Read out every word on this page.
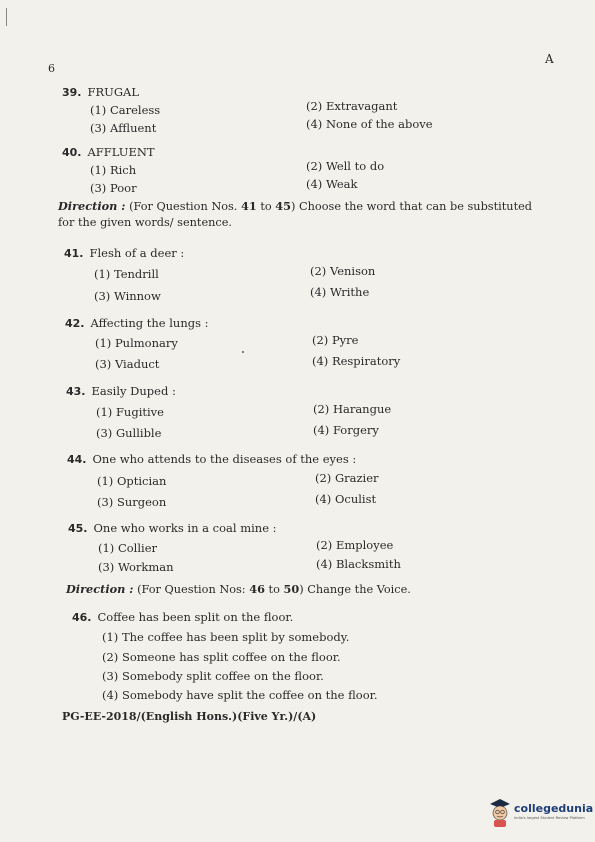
6
A
39. FRUGAL
(1) Careless	(2) Extravagant
(3) Affluent	(4) None of the above
40. AFFLUENT
(1) Rich	(2) Well to do
(3) Poor	(4) Weak
Direction : (For Question Nos. 41 to 45) Choose the word that can be substituted for the given words/ sentence.
41. Flesh of a deer :
(1) Tendrill	(2) Venison
(3) Winnow	(4) Writhe
42. Affecting the lungs :
(1) Pulmonary	(2) Pyre
(3) Viaduct	(4) Respiratory
43. Easily Duped :
(1) Fugitive	(2) Harangue
(3) Gullible	(4) Forgery
44. One who attends to the diseases of the eyes :
(1) Optician	(2) Grazier
(3) Surgeon	(4) Oculist
45. One who works in a coal mine :
(1) Collier	(2) Employee
(3) Workman	(4) Blacksmith
Direction : (For Question Nos: 46 to 50) Change the Voice.
46. Coffee has been split on the floor.
(1) The coffee has been split by somebody.
(2) Someone has split coffee on the floor.
(3) Somebody split coffee on the floor.
(4) Somebody have split the coffee on the floor.
PG-EE-2018/(English Hons.)(Five Yr.)/(A)
collegedunia
India's largest Student Review Platform
